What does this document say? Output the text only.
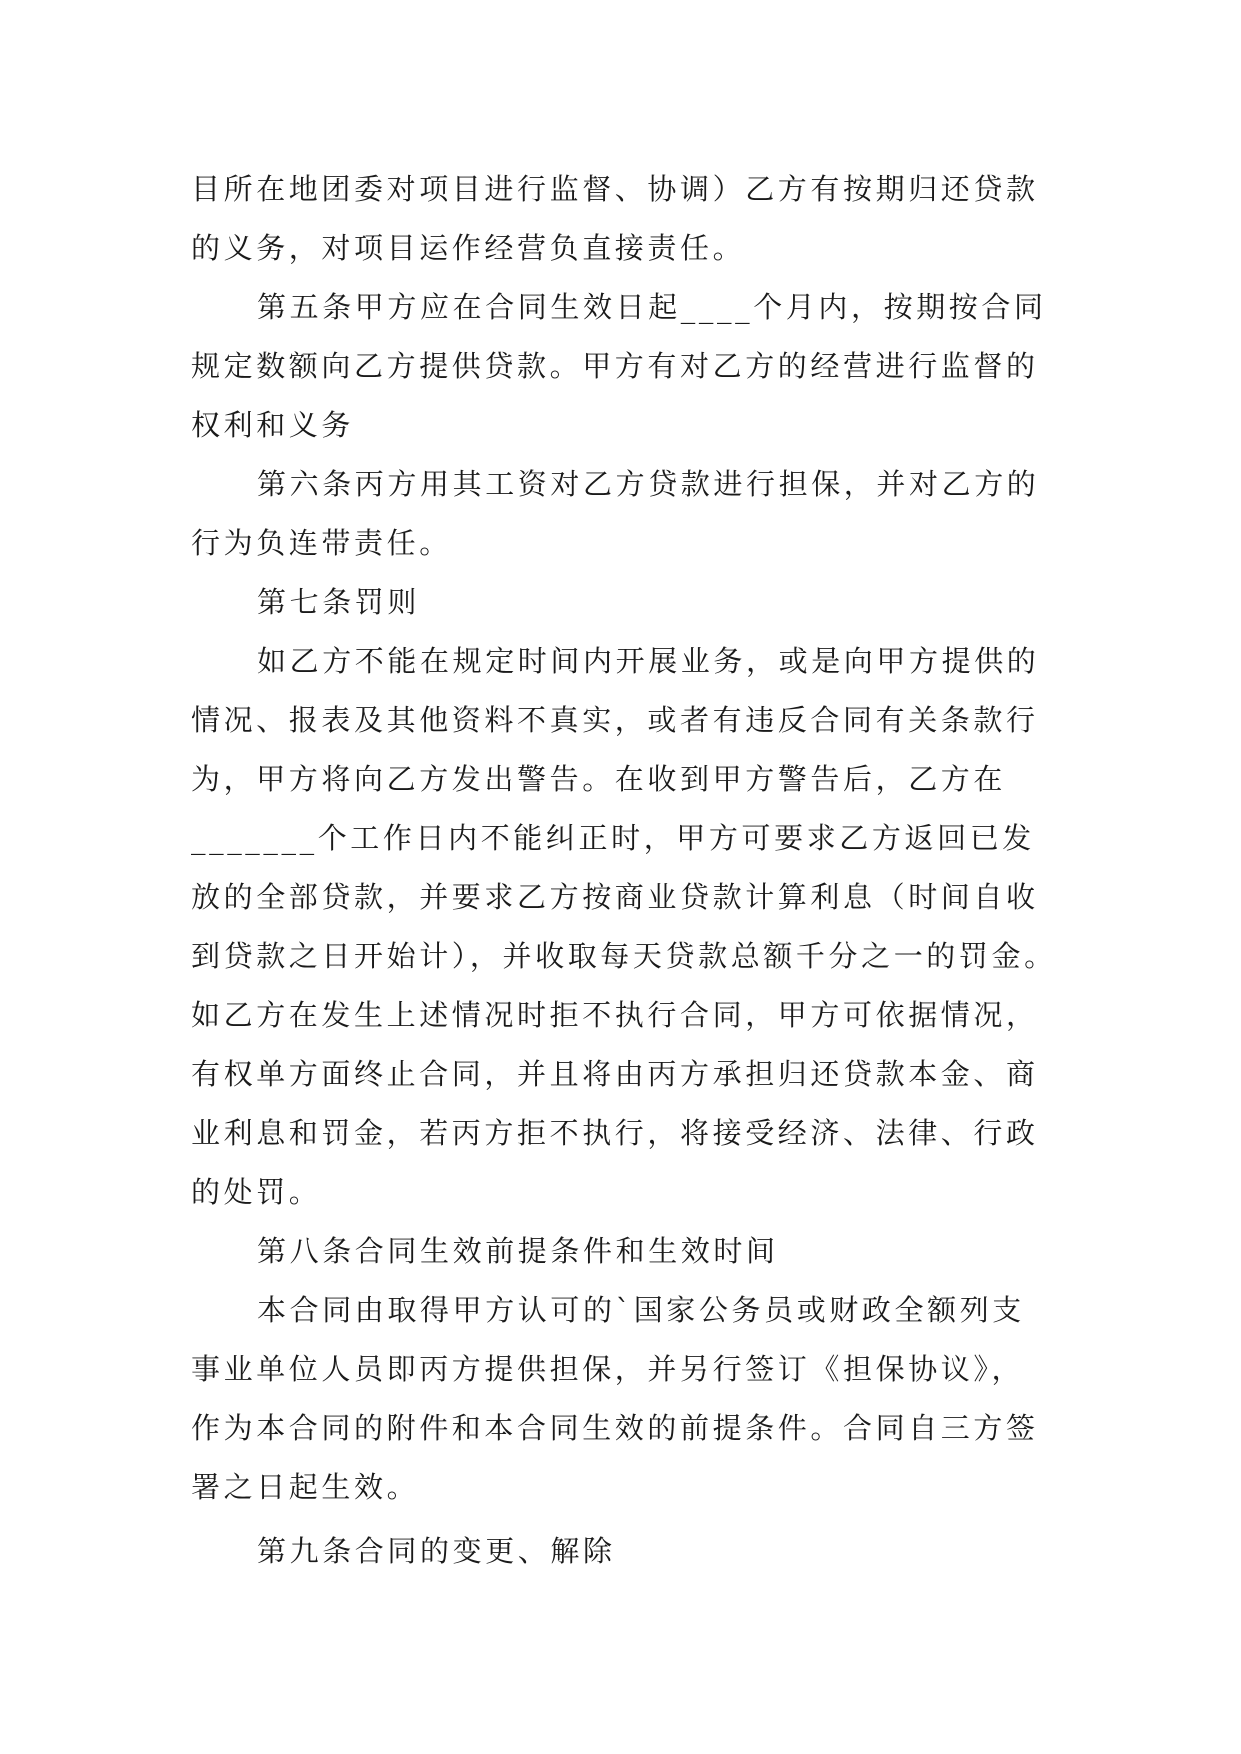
目所在地团委对项目进行监督、协调）乙方有按期归还贷款
的义务，对项目运作经营负直接责任。

第五条甲方应在合同生效日起____个月内，按期按合同
规定数额向乙方提供贷款。甲方有对乙方的经营进行监督的
权利和义务

第六条丙方用其工资对乙方贷款进行担保，并对乙方的
行为负连带责任。

第七条罚则

如乙方不能在规定时间内开展业务，或是向甲方提供的
情况、报表及其他资料不真实，或者有违反合同有关条款行
为，甲方将向乙方发出警告。在收到甲方警告后，乙方在
_______个工作日内不能纠正时，甲方可要求乙方返回已发
放的全部贷款，并要求乙方按商业贷款计算利息（时间自收
到贷款之日开始计），并收取每天贷款总额千分之一的罚金。
如乙方在发生上述情况时拒不执行合同，甲方可依据情况，
有权单方面终止合同，并且将由丙方承担归还贷款本金、商
业利息和罚金，若丙方拒不执行，将接受经济、法律、行政
的处罚。

第八条合同生效前提条件和生效时间

本合同由取得甲方认可的`国家公务员或财政全额列支
事业单位人员即丙方提供担保，并另行签订《担保协议》，
作为本合同的附件和本合同生效的前提条件。合同自三方签
署之日起生效。

第九条合同的变更、解除
